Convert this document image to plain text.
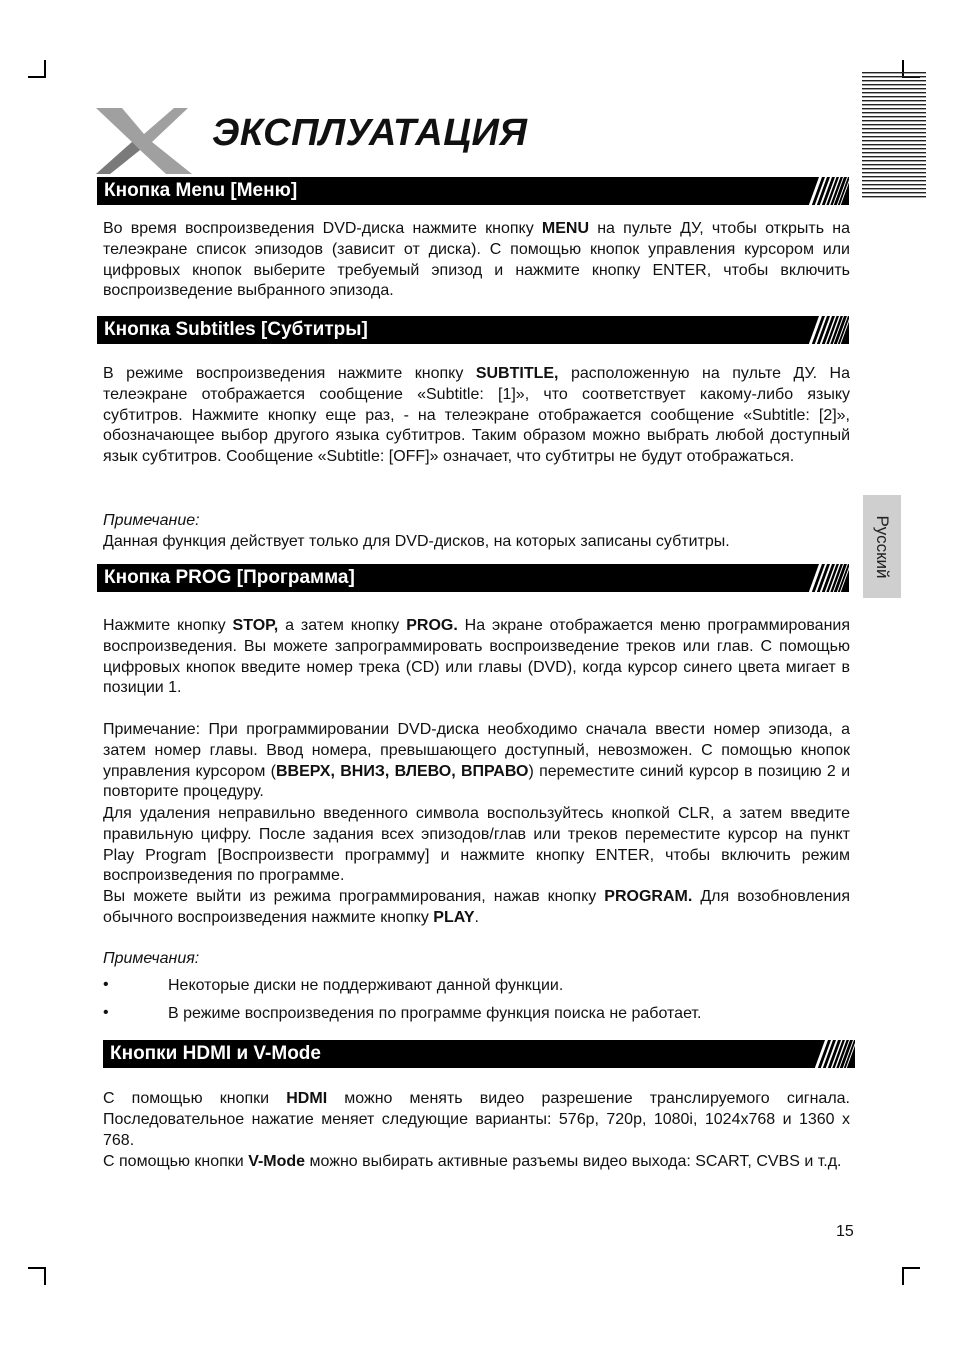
ЭКСПЛУАТАЦИЯ
Русский
Кнопка Menu [Меню]

Во время воспроизведения DVD-диска нажмите кнопку MENU на пульте ДУ, чтобы открыть на телеэкране список эпизодов (зависит от диска). С помощью кнопок управления курсором или цифровых кнопок выберите требуемый эпизод и нажмите кнопку ENTER, чтобы включить воспроизведение выбранного эпизода.

Кнопка Subtitles [Субтитры]

В режиме воспроизведения нажмите кнопку SUBTITLE, расположенную на пульте ДУ. На телеэкране отображается сообщение «Subtitle: [1]», что соответствует какому-либо языку субтитров. Нажмите кнопку еще раз, - на телеэкране отображается сообщение «Subtitle: [2]», обозначающее выбор другого языка субтитров. Таким образом можно выбрать любой доступный язык субтитров. Сообщение «Subtitle: [OFF]» означает, что субтитры не будут отображаться.

Примечание:

Данная функция действует только для DVD-дисков, на которых записаны субтитры.

Кнопка PROG [Программа]

Нажмите кнопку STOP, а затем кнопку PROG. На экране отображается меню программирования воспроизведения. Вы можете запрограммировать воспроизведение треков или глав. С помощью цифровых кнопок введите номер трека (CD) или главы (DVD), когда курсор синего цвета мигает в позиции 1.

Примечание: При программировании DVD-диска необходимо сначала ввести номер эпизода, а затем номер главы. Ввод номера, превышающего доступный, невозможен. С помощью кнопок управления курсором (ВВЕРХ, ВНИЗ, ВЛЕВО, ВПРАВО) переместите синий курсор в позицию 2 и повторите процедуру.

Для удаления неправильно введенного символа воспользуйтесь кнопкой CLR, а затем введите правильную цифру. После задания всех эпизодов/глав или треков переместите курсор на пункт Play Program [Воспроизвести программу] и нажмите кнопку ENTER, чтобы включить режим воспроизведения по программе.

Вы можете выйти из режима программирования, нажав кнопку PROGRAM. Для возобновления обычного воспроизведения нажмите кнопку PLAY.

Примечания:

•	Некоторые диски не поддерживают данной функции.
•	В режиме воспроизведения по программе функция поиска не работает.
Кнопки HDMI и V-Mode

С помощью кнопки HDMI можно менять видео разрешение транслируемого сигнала. Последовательное нажатие меняет следующие варианты: 576p, 720p, 1080i, 1024x768 и 1360 x 768.

С помощью кнопки V-Mode можно выбирать активные разъемы видео выхода: SCART, CVBS и т.д.

15
